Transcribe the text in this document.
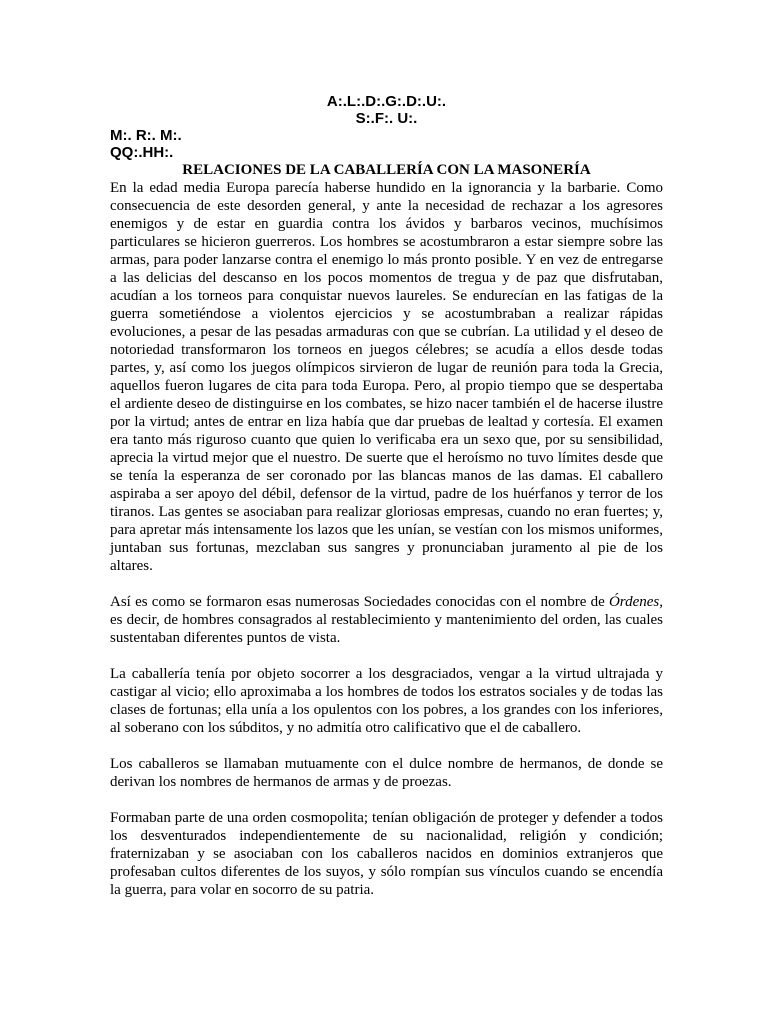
A:.L:.D:.G:.D:.U:.
S:.F:. U:.
M:. R:. M:.
QQ:.HH:.
RELACIONES DE LA CABALLERÍA CON LA MASONERÍA

En la edad media Europa parecía haberse hundido en la ignorancia y la barbarie. Como consecuencia de este desorden general, y ante la necesidad de rechazar a los agresores enemigos y de estar en guardia contra los ávidos y barbaros vecinos, muchísimos particulares se hicieron guerreros. Los hombres se acostumbraron a estar siempre sobre las armas, para poder lanzarse contra el enemigo lo más pronto posible. Y en vez de entregarse a las delicias del descanso en los pocos momentos de tregua y de paz que disfrutaban, acudían a los torneos para conquistar nuevos laureles. Se endurecían en las fatigas de la guerra sometiéndose a violentos ejercicios y se acostumbraban a realizar rápidas evoluciones, a pesar de las pesadas armaduras con que se cubrían. La utilidad y el deseo de notoriedad transformaron los torneos en juegos célebres; se acudía a ellos desde todas partes, y, así como los juegos olímpicos sirvieron de lugar de reunión para toda la Grecia, aquellos fueron lugares de cita para toda Europa. Pero, al propio tiempo que se despertaba el ardiente deseo de distinguirse en los combates, se hizo nacer también el de hacerse ilustre por la virtud; antes de entrar en liza había que dar pruebas de lealtad y cortesía. El examen era tanto más riguroso cuanto que quien lo verificaba era un sexo que, por su sensibilidad, aprecia la virtud mejor que el nuestro. De suerte que el heroísmo no tuvo límites desde que se tenía la esperanza de ser coronado por las blancas manos de las damas. El caballero aspiraba a ser apoyo del débil, defensor de la virtud, padre de los huérfanos y terror de los tiranos. Las gentes se asociaban para realizar gloriosas empresas, cuando no eran fuertes; y, para apretar más intensamente los lazos que les unían, se vestían con los mismos uniformes, juntaban sus fortunas, mezclaban sus sangres y pronunciaban juramento al pie de los altares.

Así es como se formaron esas numerosas Sociedades conocidas con el nombre de Órdenes, es decir, de hombres consagrados al restablecimiento y mantenimiento del orden, las cuales sustentaban diferentes puntos de vista.

La caballería tenía por objeto socorrer a los desgraciados, vengar a la virtud ultrajada y castigar al vicio; ello aproximaba a los hombres de todos los estratos sociales y de todas las clases de fortunas; ella unía a los opulentos con los pobres, a los grandes con los inferiores, al soberano con los súbditos, y no admitía otro calificativo que el de caballero.

Los caballeros se llamaban mutuamente con el dulce nombre de hermanos, de donde se derivan los nombres de hermanos de armas y de proezas.

Formaban parte de una orden cosmopolita; tenían obligación de proteger y defender a todos los desventurados independientemente de su nacionalidad, religión y condición; fraternizaban y se asociaban con los caballeros nacidos en dominios extranjeros que profesaban cultos diferentes de los suyos, y sólo rompían sus vínculos cuando se encendía la guerra, para volar en socorro de su patria.
